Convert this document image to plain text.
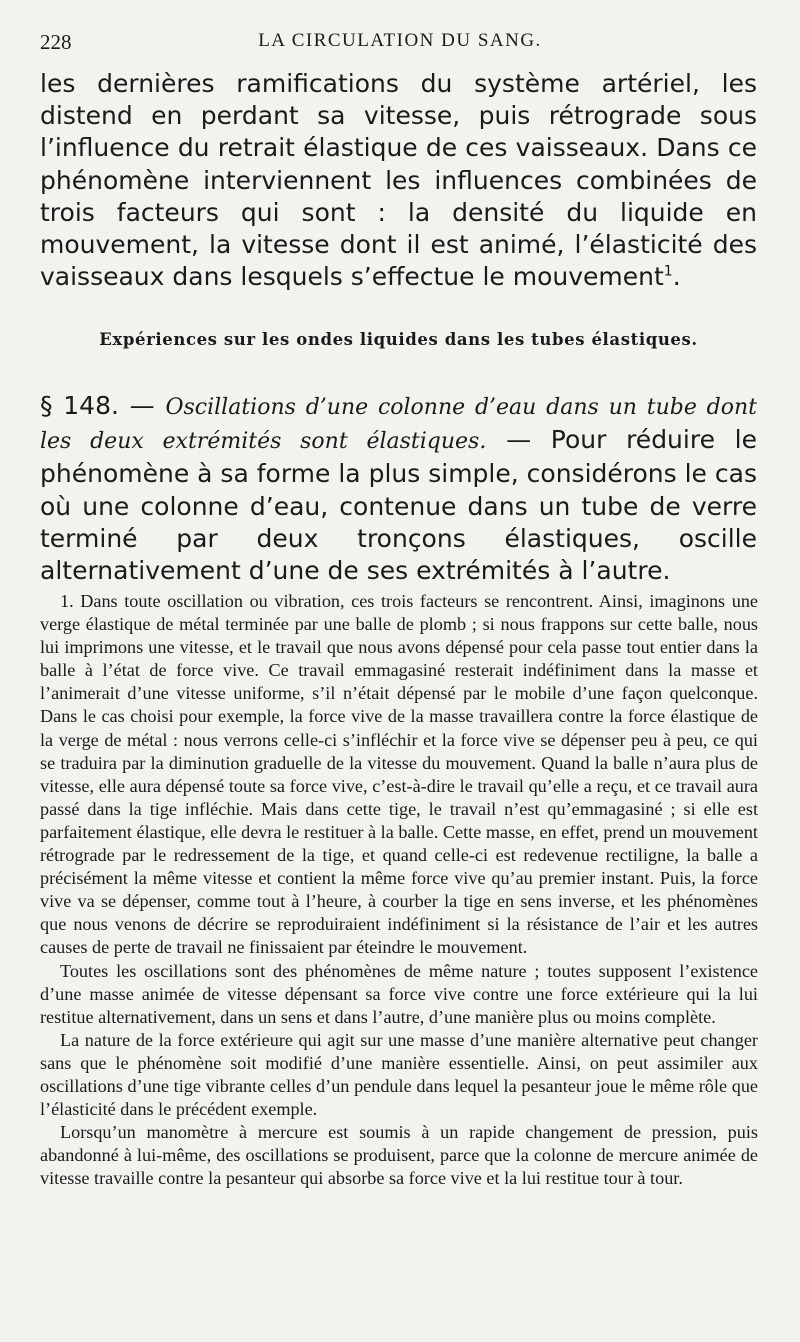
228	LA CIRCULATION DU SANG.

les dernières ramifications du système artériel, les distend en perdant sa vitesse, puis rétrograde sous l’influence du retrait élastique de ces vaisseaux. Dans ce phénomène interviennent les influences combinées de trois facteurs qui sont : la densité du liquide en mouvement, la vitesse dont il est animé, l’élasticité des vaisseaux dans lesquels s’effectue le mouvement$^1$.

Expériences sur les ondes liquides dans les tubes élastiques.

§ 148. — Oscillations d’une colonne d’eau dans un tube dont les deux extrémités sont élastiques. — Pour réduire le phénomène à sa forme la plus simple, considérons le cas où une colonne d’eau, contenue dans un tube de verre terminé par deux tronçons élastiques, oscille alternativement d’une de ses extrémités à l’autre.

1. Dans toute oscillation ou vibration, ces trois facteurs se rencontrent. Ainsi, imaginons une verge élastique de métal terminée par une balle de plomb ; si nous frappons sur cette balle, nous lui imprimons une vitesse, et le travail que nous avons dépensé pour cela passe tout entier dans la balle à l’état de force vive. Ce travail emmagasiné resterait indéfiniment dans la masse et l’animerait d’une vitesse uniforme, s’il n’était dépensé par le mobile d’une façon quelconque. Dans le cas choisi pour exemple, la force vive de la masse travaillera contre la force élastique de la verge de métal : nous verrons celle-ci s’infléchir et la force vive se dépenser peu à peu, ce qui se traduira par la diminution graduelle de la vitesse du mouvement. Quand la balle n’aura plus de vitesse, elle aura dépensé toute sa force vive, c’est-à-dire le travail qu’elle a reçu, et ce travail aura passé dans la tige infléchie. Mais dans cette tige, le travail n’est qu’emmagasiné ; si elle est parfaitement élastique, elle devra le restituer à la balle. Cette masse, en effet, prend un mouvement rétrograde par le redressement de la tige, et quand celle-ci est redevenue rectiligne, la balle a précisément la même vitesse et contient la même force vive qu’au premier instant. Puis, la force vive va se dépenser, comme tout à l’heure, à courber la tige en sens inverse, et les phénomènes que nous venons de décrire se reproduiraient indéfiniment si la résistance de l’air et les autres causes de perte de travail ne finissaient par éteindre le mouvement.

Toutes les oscillations sont des phénomènes de même nature ; toutes supposent l’existence d’une masse animée de vitesse dépensant sa force vive contre une force extérieure qui la lui restitue alternativement, dans un sens et dans l’autre, d’une manière plus ou moins complète.

La nature de la force extérieure qui agit sur une masse d’une manière alternative peut changer sans que le phénomène soit modifié d’une manière essentielle. Ainsi, on peut assimiler aux oscillations d’une tige vibrante celles d’un pendule dans lequel la pesanteur joue le même rôle que l’élasticité dans le précédent exemple.

Lorsqu’un manomètre à mercure est soumis à un rapide changement de pression, puis abandonné à lui-même, des oscillations se produisent, parce que la colonne de mercure animée de vitesse travaille contre la pesanteur qui absorbe sa force vive et la lui restitue tour à tour.
